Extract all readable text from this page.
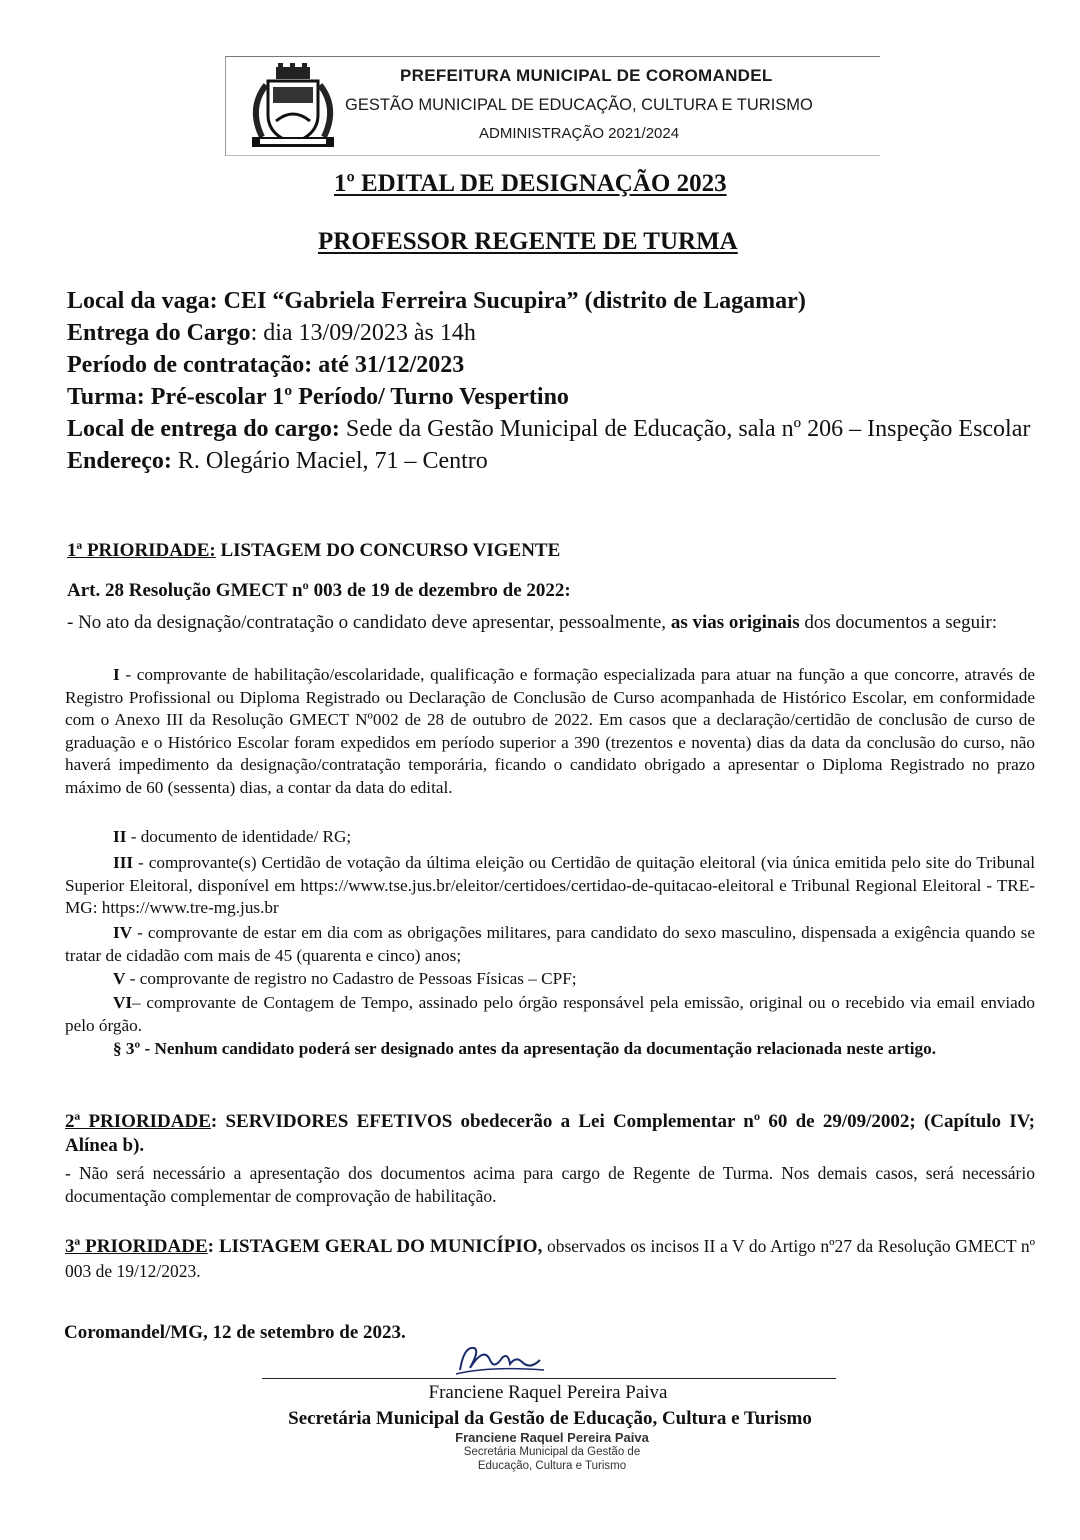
PREFEITURA MUNICIPAL DE COROMANDEL
GESTÃO MUNICIPAL DE EDUCAÇÃO, CULTURA E TURISMO
ADMINISTRAÇÃO 2021/2024
1º EDITAL DE DESIGNAÇÃO 2023
PROFESSOR REGENTE DE TURMA
Local da vaga: CEI “Gabriela Ferreira Sucupira” (distrito de Lagamar)
Entrega do Cargo: dia 13/09/2023 às 14h
Período de contratação: até 31/12/2023
Turma: Pré-escolar 1º Período/ Turno Vespertino
Local de entrega do cargo: Sede da Gestão Municipal de Educação, sala nº 206 – Inspeção Escolar
Endereço: R. Olegário Maciel, 71 – Centro
1ª PRIORIDADE: LISTAGEM DO CONCURSO VIGENTE
Art. 28 Resolução GMECT nº 003 de 19 de dezembro de 2022:
- No ato da designação/contratação o candidato deve apresentar, pessoalmente, as vias originais dos documentos a seguir:
I - comprovante de habilitação/escolaridade, qualificação e formação especializada para atuar na função a que concorre, através de Registro Profissional ou Diploma Registrado ou Declaração de Conclusão de Curso acompanhada de Histórico Escolar, em conformidade com o Anexo III da Resolução GMECT Nº002 de 28 de outubro de 2022. Em casos que a declaração/certidão de conclusão de curso de graduação e o Histórico Escolar foram expedidos em período superior a 390 (trezentos e noventa) dias da data da conclusão do curso, não haverá impedimento da designação/contratação temporária, ficando o candidato obrigado a apresentar o Diploma Registrado no prazo máximo de 60 (sessenta) dias, a contar da data do edital.
II - documento de identidade/ RG;
III - comprovante(s) Certidão de votação da última eleição ou Certidão de quitação eleitoral (via única emitida pelo site do Tribunal Superior Eleitoral, disponível em https://www.tse.jus.br/eleitor/certidoes/certidao-de-quitacao-eleitoral e Tribunal Regional Eleitoral - TRE-MG: https://www.tre-mg.jus.br
IV - comprovante de estar em dia com as obrigações militares, para candidato do sexo masculino, dispensada a exigência quando se tratar de cidadão com mais de 45 (quarenta e cinco) anos;
V - comprovante de registro no Cadastro de Pessoas Físicas – CPF;
VI– comprovante de Contagem de Tempo, assinado pelo órgão responsável pela emissão, original ou o recebido via email enviado pelo órgão.
§ 3º - Nenhum candidato poderá ser designado antes da apresentação da documentação relacionada neste artigo.
2ª PRIORIDADE: SERVIDORES EFETIVOS obedecerão a Lei Complementar nº 60 de 29/09/2002; (Capítulo IV; Alínea b).
- Não será necessário a apresentação dos documentos acima para cargo de Regente de Turma. Nos demais casos, será necessário documentação complementar de comprovação de habilitação.
3ª PRIORIDADE: LISTAGEM GERAL DO MUNICÍPIO, observados os incisos II a V do Artigo nº27 da Resolução GMECT nº 003 de 19/12/2023.
Coromandel/MG, 12 de setembro de 2023.
Franciene Raquel Pereira Paiva
Secretária Municipal da Gestão de Educação, Cultura e Turismo
Franciene Raquel Pereira Paiva
Secretária Municipal da Gestão de
Educação, Cultura e Turismo
